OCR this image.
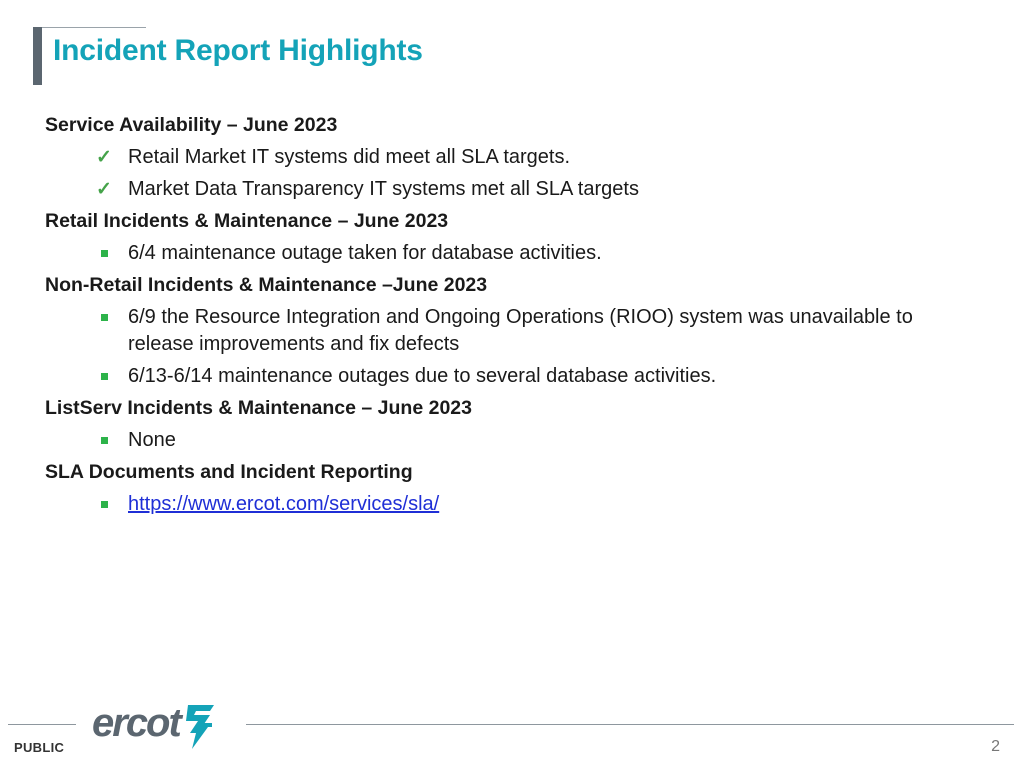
Incident Report Highlights
Service Availability – June 2023
✓ Retail Market IT systems did meet all SLA targets.
✓ Market Data Transparency IT systems met all SLA targets
Retail Incidents & Maintenance – June 2023
6/4 maintenance outage taken for database activities.
Non-Retail Incidents & Maintenance –June 2023
6/9 the Resource Integration and Ongoing Operations (RIOO) system was unavailable to release improvements and fix defects
6/13-6/14 maintenance outages due to several database activities.
ListServ Incidents & Maintenance – June 2023
None
SLA Documents and Incident Reporting
https://www.ercot.com/services/sla/
ercot
PUBLIC	2
